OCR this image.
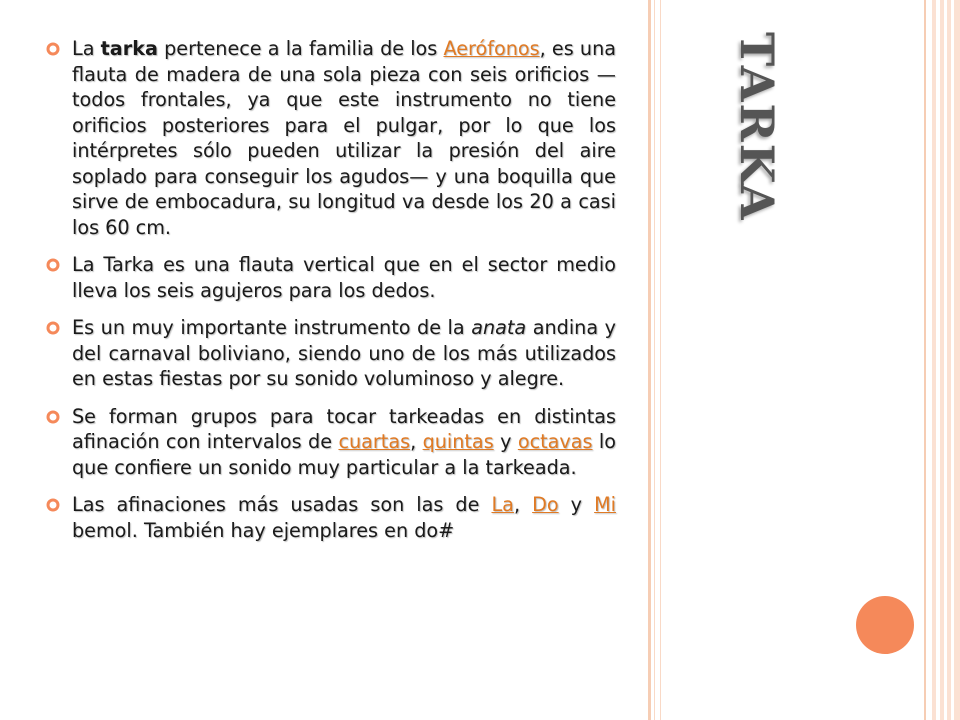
TARKA

La tarka pertenece a la familia de los Aerófonos, es una flauta de madera de una sola pieza con seis orificios —todos frontales, ya que este instrumento no tiene orificios posteriores para el pulgar, por lo que los intérpretes sólo pueden utilizar la presión del aire soplado para conseguir los agudos— y una boquilla que sirve de embocadura, su longitud va desde los 20 a casi los 60 cm.

La Tarka es una flauta vertical que en el sector medio lleva los seis agujeros para los dedos.

Es un muy importante instrumento de la anata andina y del carnaval boliviano, siendo uno de los más utilizados en estas fiestas por su sonido voluminoso y alegre.

Se forman grupos para tocar tarkeadas en distintas afinación con intervalos de cuartas, quintas y octavas lo que confiere un sonido muy particular a la tarkeada.

Las afinaciones más usadas son las de La, Do y Mi bemol. También hay ejemplares en do#
